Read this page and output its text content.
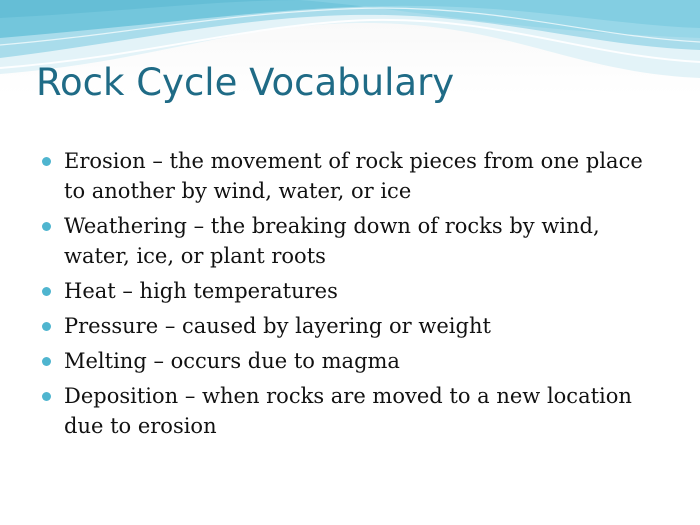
Rock Cycle Vocabulary
Erosion – the movement of rock pieces from one place to another by wind, water, or ice
Weathering – the breaking down of rocks by wind, water, ice, or plant roots
Heat – high temperatures
Pressure – caused by layering or weight
Melting – occurs due to magma
Deposition – when rocks are moved to a new location due to erosion
